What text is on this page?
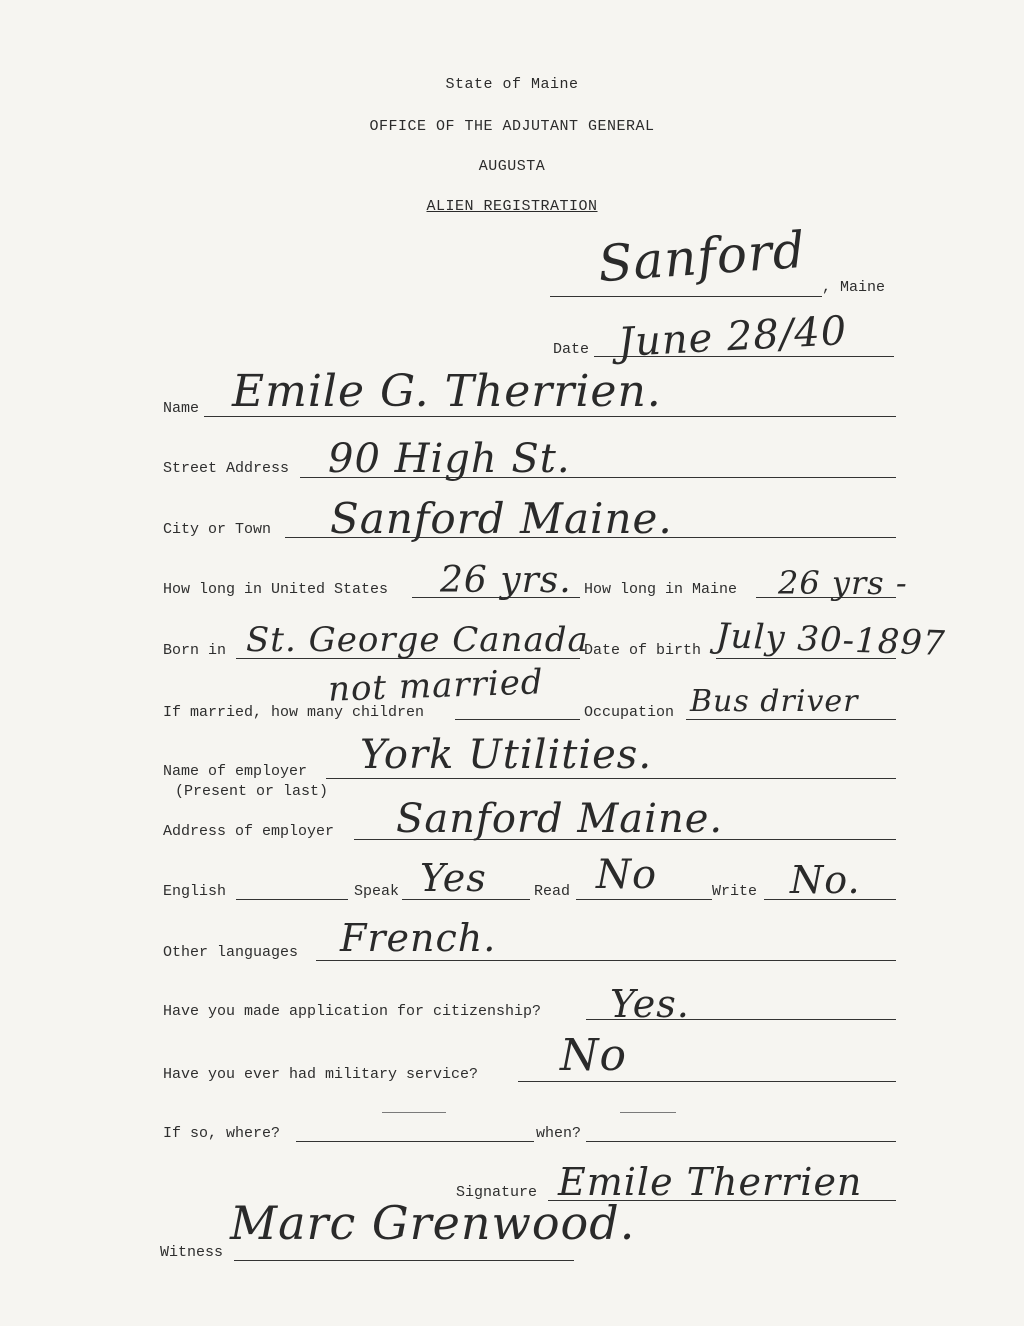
State of Maine
OFFICE OF THE ADJUTANT GENERAL
AUGUSTA
ALIEN REGISTRATION
Sanford , Maine
Date June 28/40
Name Emile G. Therrien.
Street Address 90 High St.
City or Town Sanford Maine.
How long in United States 26 yrs. How long in Maine 26 yrs -
Born in St. George Canada
Date of birth July 30-1897
If married, how many children
not married
Occupation Bus driver
Name of employer
(Present or last)
York Utilities.
Address of employer Sanford Maine.
English	Speak Yes	Read No	Write No.
Other languages French.
Have you made application for citizenship? Yes.
Have you ever had military service? No
If so, where?	when?
Signature Emile Therrien
Witness
Marc Grenwood.
